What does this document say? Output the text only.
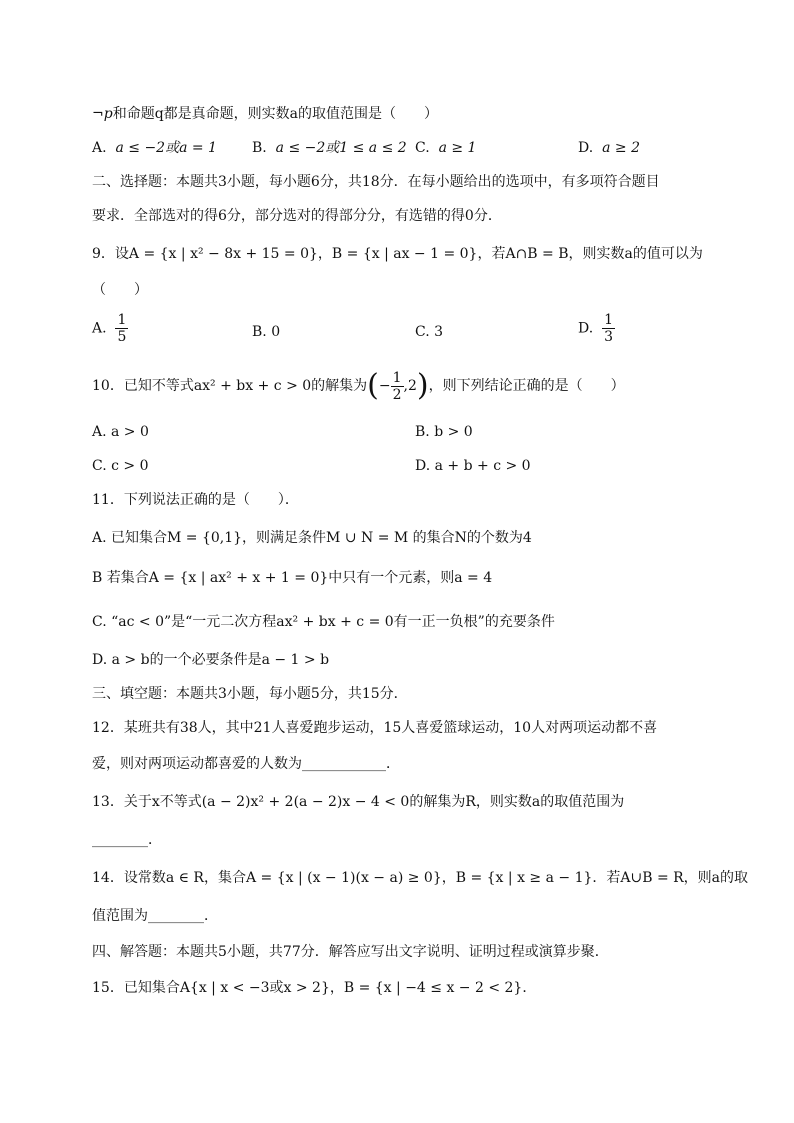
¬p和命题q都是真命题，则实数a的取值范围是（　　）
A. a ≤ −2或a = 1	B. a ≤ −2或1 ≤ a ≤ 2 C. a ≥ 1	D. a ≥ 2
二、选择题：本题共3小题，每小题6分，共18分．在每小题给出的选项中，有多项符合题目
要求．全部选对的得6分，部分选对的得部分分，有选错的得0分．
9．设A = {x | x² − 8x + 15 = 0}，B = {x | ax − 1 = 0}，若A∩B = B，则实数a的值可以为
（　　）
A. $\frac{1}{5}$	B. 0	C. 3	D. $\frac{1}{3}$
10．已知不等式ax² + bx + c > 0的解集为(− $\frac{1}{2} ,2$)，则下列结论正确的是（　　）
A. a > 0	B. b > 0
C. c > 0	D. a + b + c > 0
11．下列说法正确的是（　　）．
A. 已知集合M = {0,1}，则满足条件M ∪ N = M 的集合N的个数为4
B 若集合A = {x | ax² + x + 1 = 0}中只有一个元素，则a = 4
C. “ac < 0”是“一元二次方程ax² + bx + c = 0有一正一负根”的充要条件
D. a > b的一个必要条件是a − 1 > b
三、填空题：本题共3小题，每小题5分，共15分．
12．某班共有38人，其中21人喜爱跑步运动，15人喜爱篮球运动，10人对两项运动都不喜
爱，则对两项运动都喜爱的人数为____________．
13．关于x不等式(a − 2)x² + 2(a − 2)x − 4 < 0的解集为R，则实数a的取值范围为
________．
14．设常数a ∈ R，集合A = {x | (x − 1)(x − a) ≥ 0}，B = {x | x ≥ a − 1}．若A∪B = R，则a的取
值范围为________．
四、解答题：本题共5小题，共77分．解答应写出文字说明、证明过程或演算步聚．
15．已知集合A{x | x < −3或x > 2}，B = {x | −4 ≤ x − 2 < 2}．
